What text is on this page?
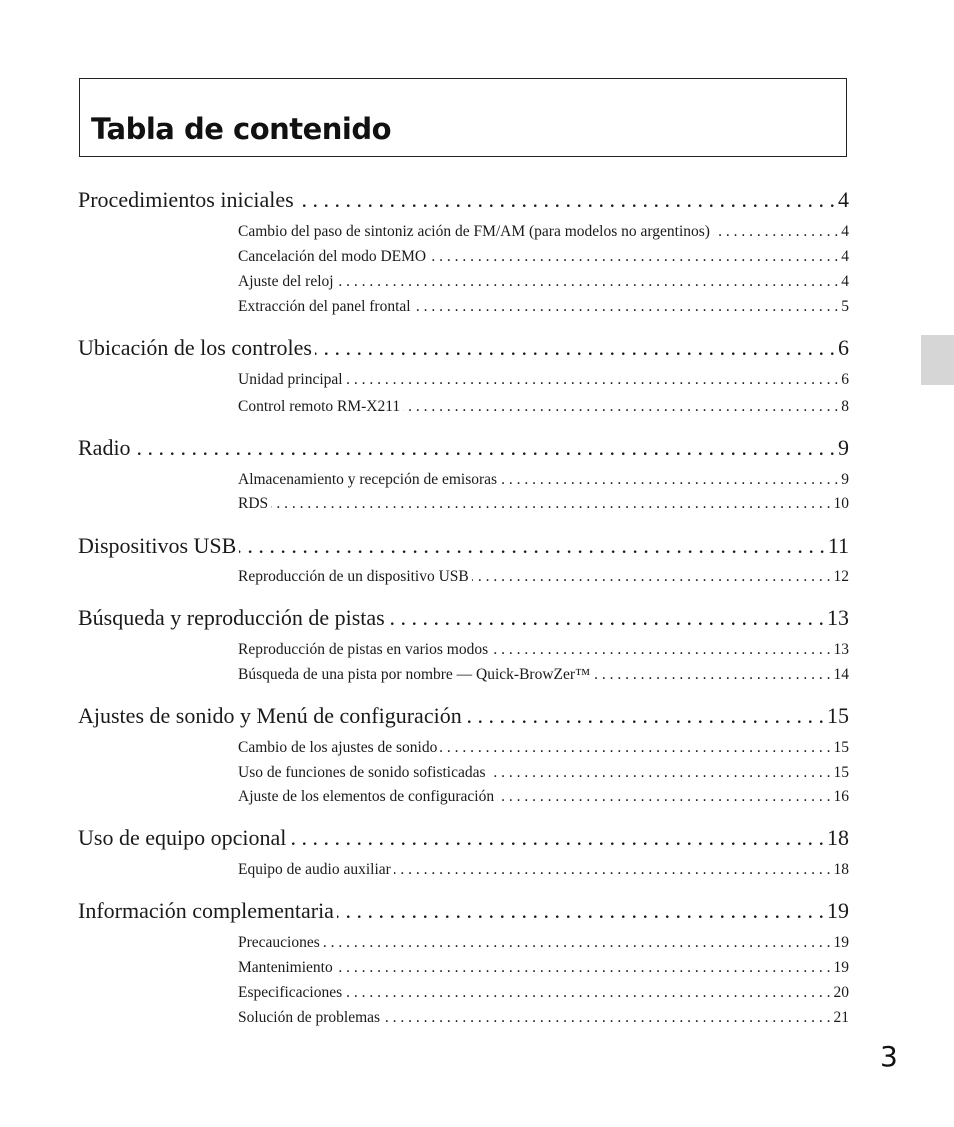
Tabla de contenido
Procedimientos iniciales . . .	4
Cambio del paso de sintoniz ación de FM/AM (para modelos no argentinos) . . .	4
Cancelación del modo DEMO . . .	4
Ajuste del reloj . . .	4
Extracción del panel frontal . . .	5
Ubicación de los controles . . .	6
Unidad principal . . .	6
Control remoto RM-X211 . . .	8
Radio . . .	9
Almacenamiento y recepción de emisoras . . .	9
RDS . . .	10
Dispositivos USB . . .	11
Reproducción de un dispositivo USB . . .	12
Búsqueda y reproducción de pistas . . .	13
Reproducción de pistas en varios modos . . .	13
Búsqueda de una pista por nombre — Quick-BrowZer™ . . .	14
Ajustes de sonido y Menú de configuración . . .	15
Cambio de los ajustes de sonido . . .	15
Uso de funciones de sonido sofisticadas . . .	15
Ajuste de los elementos de configuración . . .	16
Uso de equipo opcional . . .	18
Equipo de audio auxiliar . . .	18
Información complementaria . . .	19
Precauciones . . .	19
Mantenimiento . . .	19
Especificaciones . . .	20
Solución de problemas . . .	21
3
